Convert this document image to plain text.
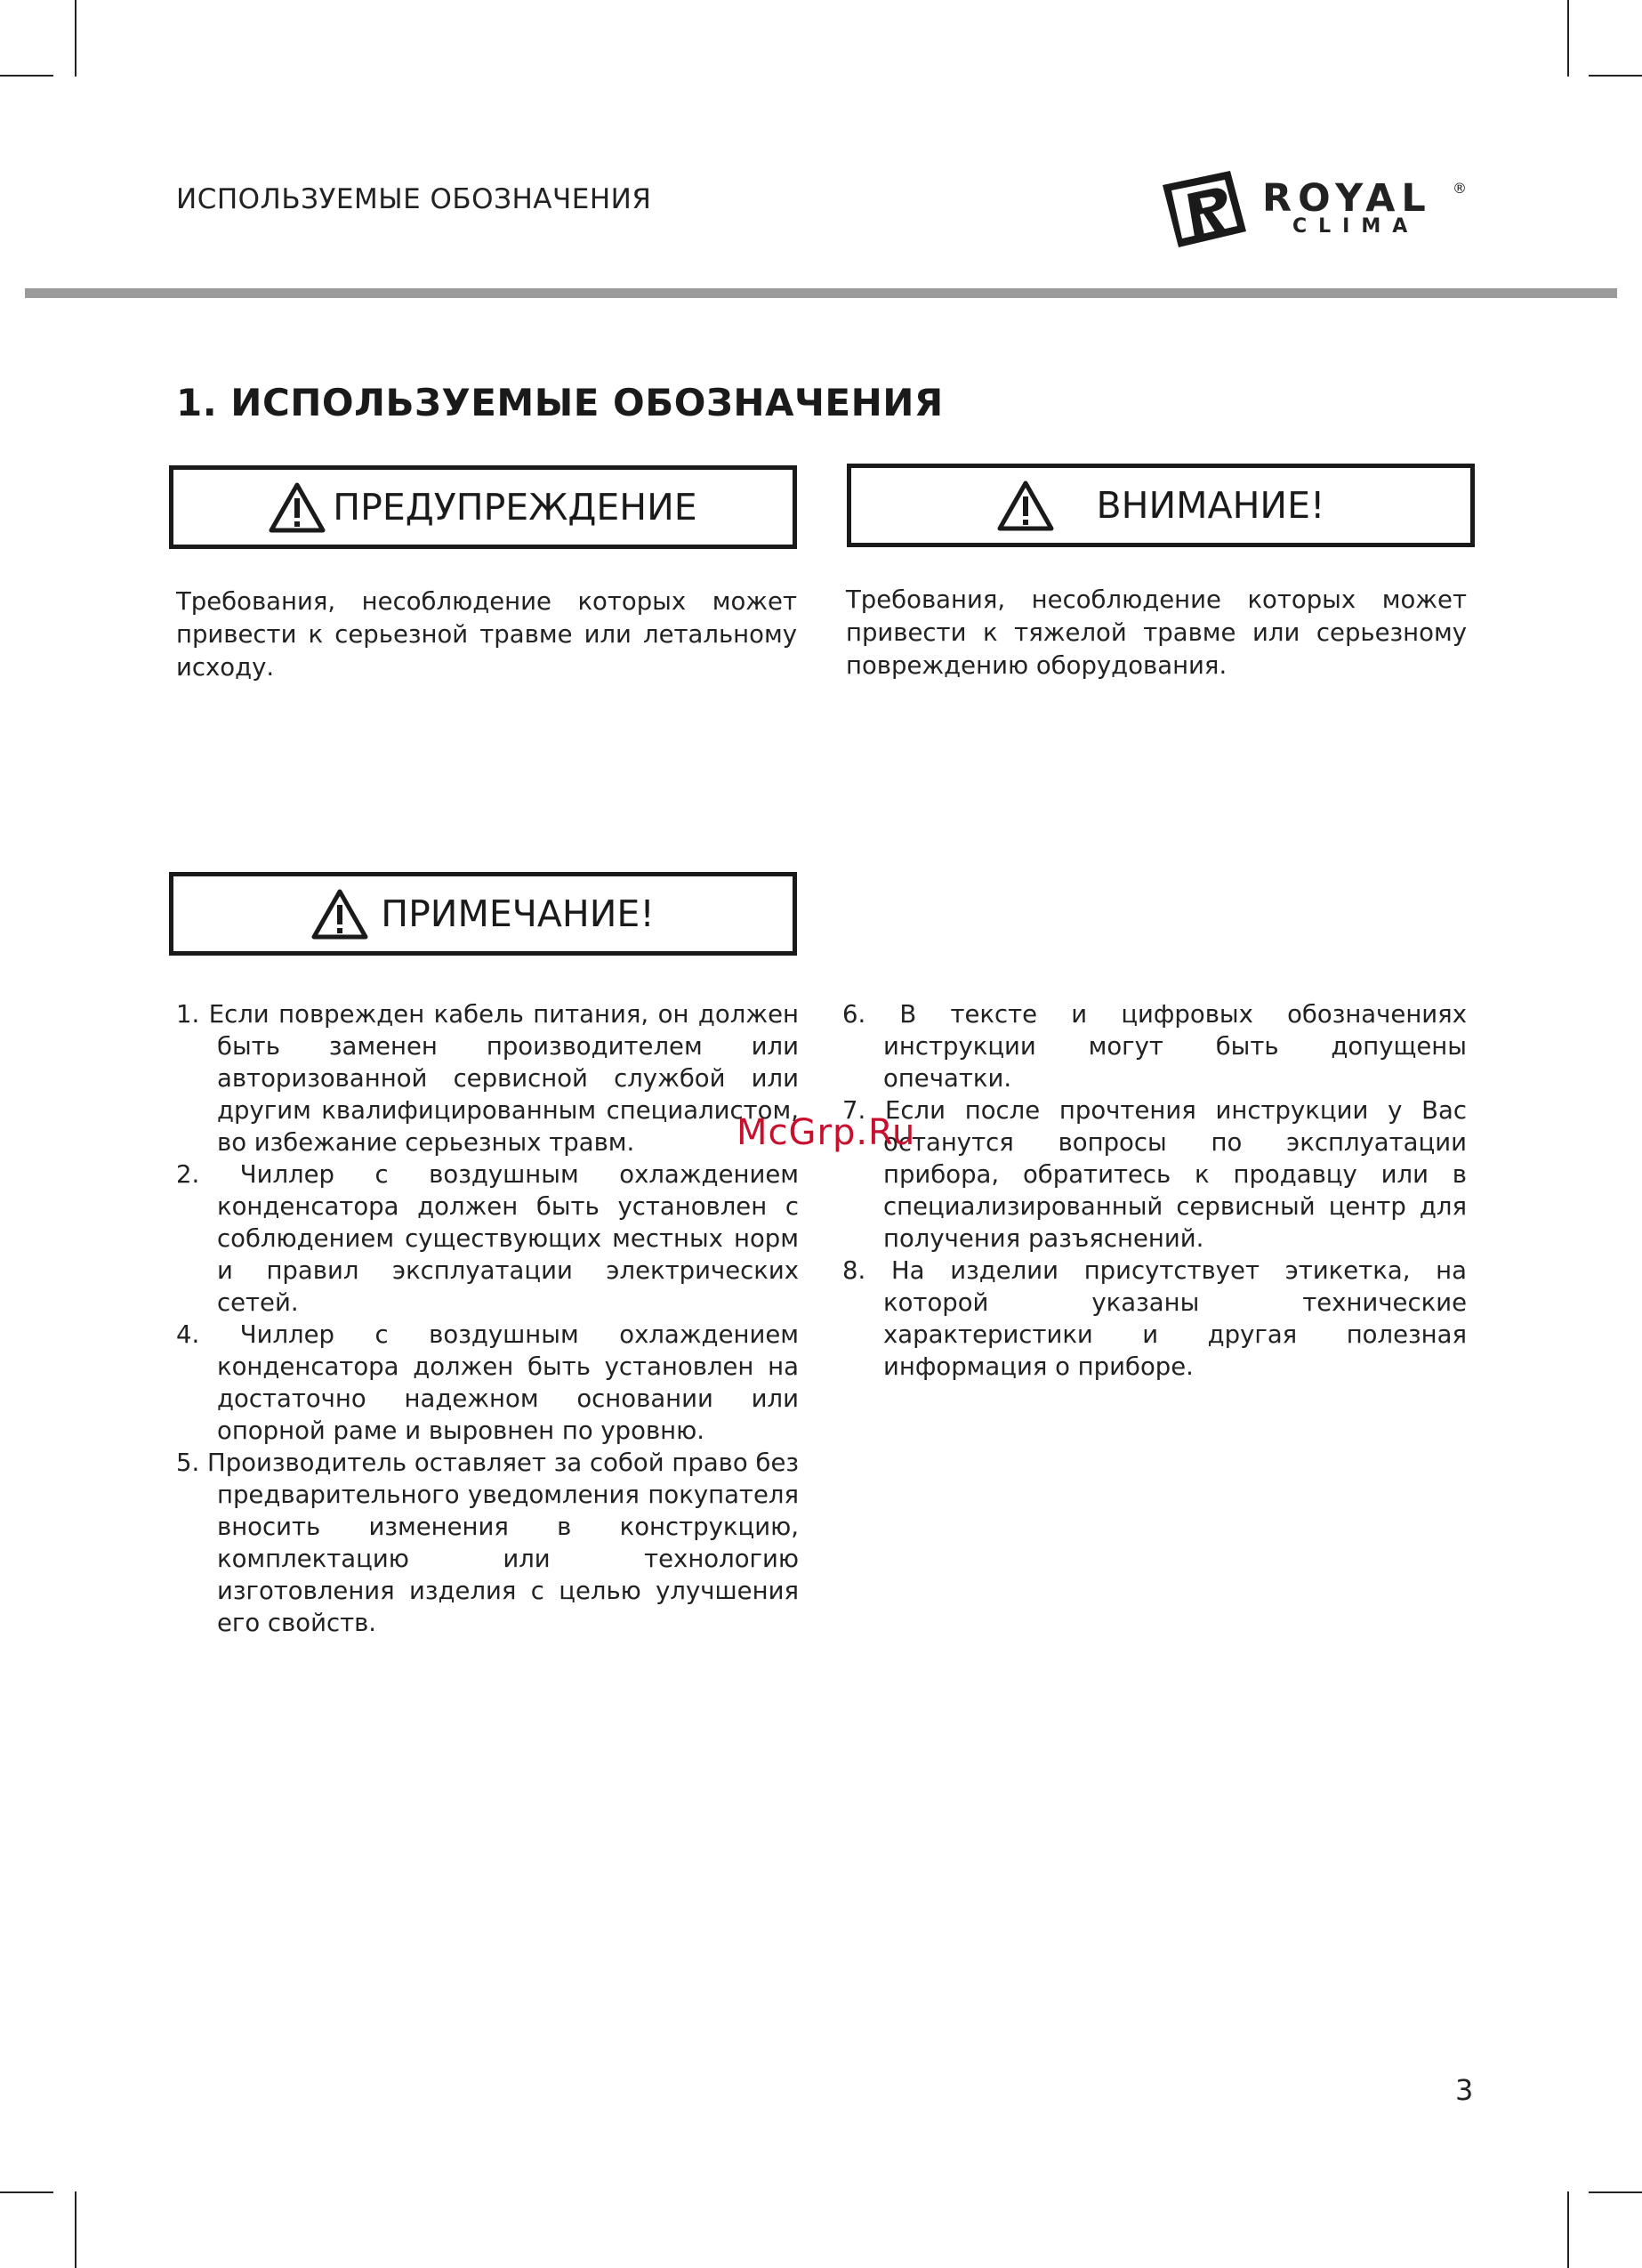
ИСПОЛЬЗУЕМЫЕ ОБОЗНАЧЕНИЯ	ROYAL ®
CLIMA
1. ИСПОЛЬЗУЕМЫЕ ОБОЗНАЧЕНИЯ
ПРЕДУПРЕЖДЕНИЕ

Требования, несоблюдение которых может привести к серьезной травме или летальному исходу.

ВНИМАНИЕ!

Требования, несоблюдение которых может привести к тяжелой травме или серьезному повреждению оборудования.

ПРИМЕЧАНИЕ!
1. Если поврежден кабель питания, он должен быть заменен производителем или авторизованной сервисной службой или другим квалифицированным специалистом, во избежание серьезных травм.
2. Чиллер с воздушным охлаждением конденсатора должен быть установлен с соблюдением существующих местных норм и правил эксплуатации электрических сетей.
4. Чиллер с воздушным охлаждением конденсатора должен быть установлен на достаточно надежном основании или опорной раме и выровнен по уровню.
5. Производитель оставляет за собой право без предварительного уведомления покупателя вносить изменения в конструкцию, комплектацию или технологию изготовления изделия с целью улучшения его свойств.
6. В тексте и цифровых обозначениях инструкции могут быть допущены опечатки.
7. Если после прочтения инструкции у Вас останутся вопросы по эксплуатации прибора, обратитесь к продавцу или в специализированный сервисный центр для получения разъяснений.
8. На изделии присутствует этикетка, на которой указаны технические характеристики и другая полезная информация о приборе.
McGrp.Ru
3
